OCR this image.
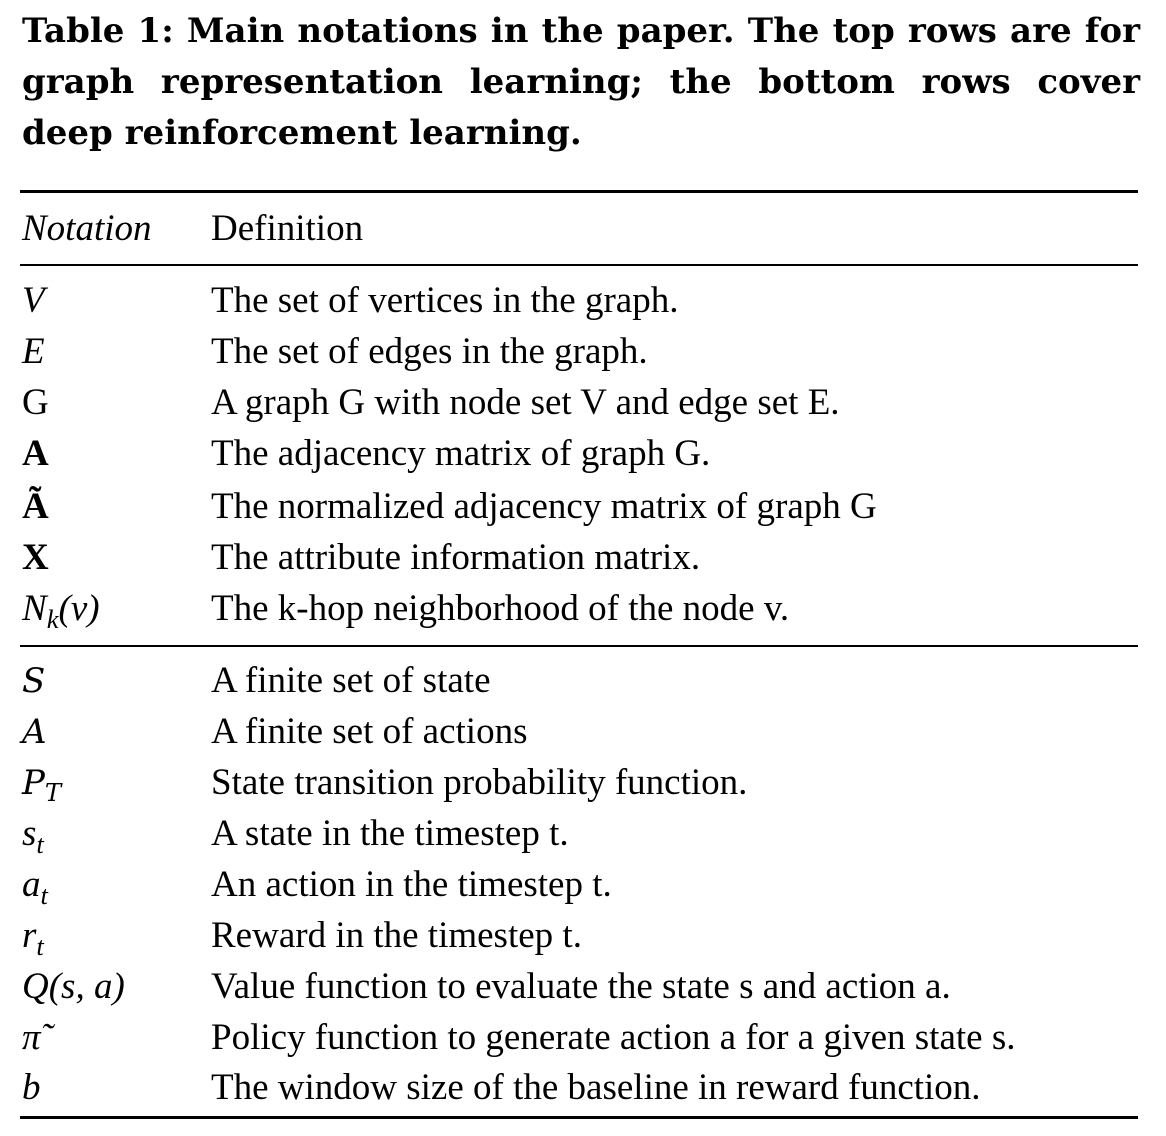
Table 1: Main notations in the paper. The top rows are for graph representation learning; the bottom rows cover deep reinforcement learning.
Notation Definition
V	The set of vertices in the graph.
E	The set of edges in the graph.
G	A graph G with node set V and edge set E.
A	The adjacency matrix of graph G.
Ã	The normalized adjacency matrix of graph G
X	The attribute information matrix.
$N_k(v)$	The k-hop neighborhood of the node v.
S	A finite set of state
A	A finite set of actions
$P_T$	State transition probability function.
$s_t$	A state in the timestep t.
$a_t$	An action in the timestep t.
$r_t$	Reward in the timestep t.
Q(s, a) Value function to evaluate the state s and action a.
π̃	Policy function to generate action a for a given state s.
b	The window size of the baseline in reward function.
